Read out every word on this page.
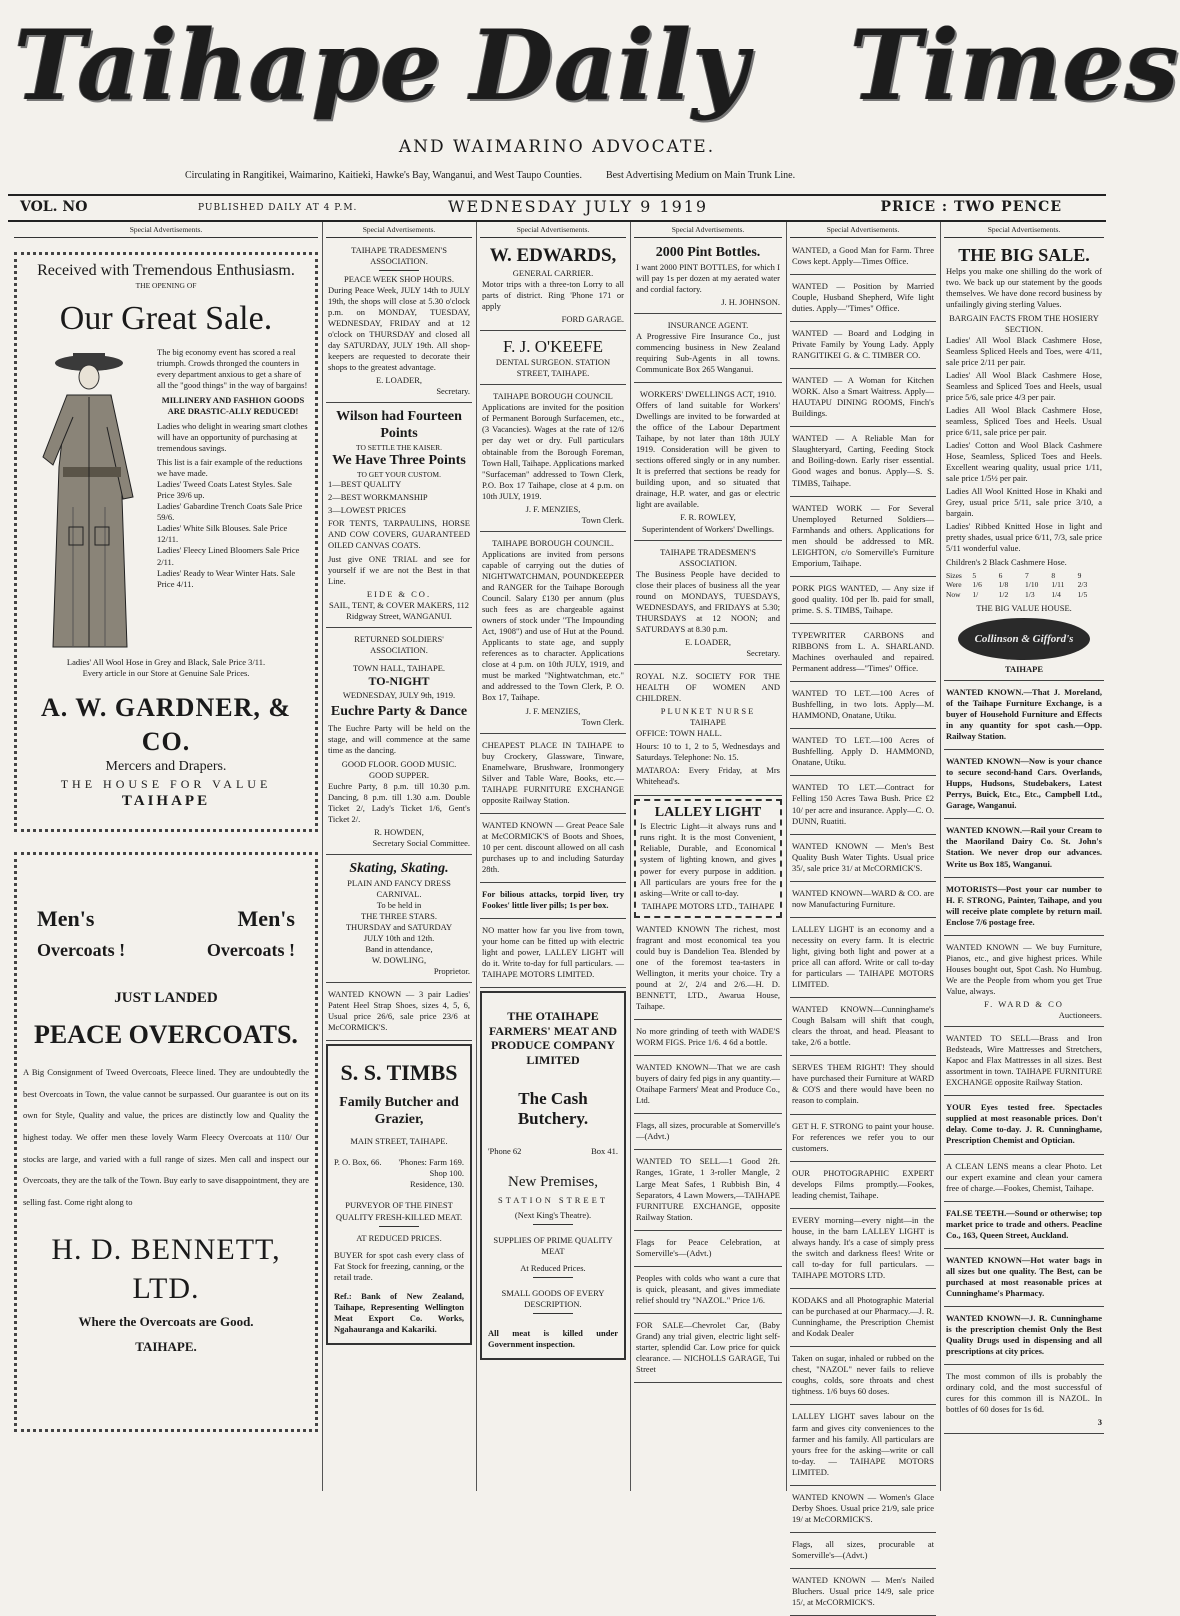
Taihape Daily Times
AND WAIMARINO ADVOCATE.
Circulating in Rangitikei, Waimarino, Kaitieki, Hawke's Bay, Wanganui, and West Taupo Counties. Best Advertising Medium on Main Trunk Line.
VOL. NO	PUBLISHED DAILY AT 4 P.M.	WEDNESDAY JULY 9 1919	PRICE : TWO PENCE
Special Advertisements.
Received with Tremendous Enthusiasm.
THE OPENING OF
Our Great Sale.

The big economy event has scored a real triumph. Crowds thronged the counters in every department anxious to get a share of all the "good things" in the way of bargains!

MILLINERY AND FASHION GOODS ARE DRASTIC-ALLY REDUCED!

Ladies who delight in wearing smart clothes will have an opportunity of purchasing at tremendous savings.

This list is a fair example of the reductions we have made.

Ladies' Tweed Coats Latest Styles. Sale Price 39/6 up.

Ladies' Gabardine Trench Coats Sale Price 59/6.

Ladies' White Silk Blouses. Sale Price 12/11.

Ladies' Fleecy Lined Bloomers Sale Price 2/11.

Ladies' Ready to Wear Winter Hats. Sale Price 4/11.

Ladies' All Wool Hose in Grey and Black, Sale Price 3/11.

Every article in our Store at Genuine Sale Prices.

A. W. GARDNER, & CO.
Mercers and Drapers.
THE HOUSE FOR VALUE
TAIHAPE
Men's	Men's
Overcoats !	Overcoats !
JUST LANDED
PEACE OVERCOATS.

A Big Consignment of Tweed Overcoats, Fleece lined. They are undoubtedly the best Overcoats in Town, the value cannot be surpassed. Our guarantee is out on its own for Style, Quality and value, the prices are distinctly low and Quality the highest today. We offer men these lovely Warm Fleecy Overcoats at 110/ Our stocks are large, and varied with a full range of sizes. Men call and inspect our Overcoats, they are the talk of the Town. Buy early to save disappointment, they are selling fast. Come right along to

H. D. BENNETT, LTD.
Where the Overcoats are Good.
TAIHAPE.
Special Advertisements.
TAIHAPE TRADESMEN'S ASSOCIATION.
PEACE WEEK SHOP HOURS.

During Peace Week, JULY 14th to JULY 19th, the shops will close at 5.30 o'clock p.m. on MONDAY, TUESDAY, WEDNESDAY, FRIDAY and at 12 o'clock on THURSDAY and closed all day SATURDAY, JULY 19th. All shop-keepers are requested to decorate their shops to the greatest advantage.

E. LOADER,
Secretary.
Wilson had Fourteen Points
TO SETTLE THE KAISER.
We Have Three Points
TO GET YOUR CUSTOM.

1—BEST QUALITY

2—BEST WORKMANSHIP

3—LOWEST PRICES

FOR TENTS, TARPAULINS, HORSE AND COW COVERS, GUARANTEED OILED CANVAS COATS.

Just give ONE TRIAL and see for yourself if we are not the Best in that Line.

EIDE & CO.
SAIL, TENT, & COVER MAKERS, 112 Ridgway Street, WANGANUI.
RETURNED SOLDIERS' ASSOCIATION.
TOWN HALL, TAIHAPE.
TO-NIGHT
WEDNESDAY, JULY 9th, 1919.
Euchre Party & Dance

The Euchre Party will be held on the stage, and will commence at the same time as the dancing.

GOOD FLOOR. GOOD MUSIC.
GOOD SUPPER.

Euchre Party, 8 p.m. till 10.30 p.m. Dancing, 8 p.m. till 1.30 a.m. Double Ticket 2/, Lady's Ticket 1/6, Gent's Ticket 2/.

R. HOWDEN,
Secretary Social Committee.
Skating, Skating.
PLAIN AND FANCY DRESS CARNIVAL.
To be held in
THE THREE STARS.
THURSDAY and SATURDAY
JULY 10th and 12th.
Band in attendance,
W. DOWLING,
Proprietor.

WANTED KNOWN — 3 pair Ladies' Patent Heel Strap Shoes, sizes 4, 5, 6, Usual price 26/6, sale price 23/6 at McCORMICK'S.

S. S. TIMBS
Family Butcher and Grazier,
MAIN STREET, TAIHAPE.
P. O. Box, 66.	'Phones: Farm 169. Shop 100. Residence, 130.
PURVEYOR OF THE FINEST QUALITY FRESH-KILLED MEAT.
AT REDUCED PRICES.

BUYER for spot cash every class of Fat Stock for freezing, canning, or the retail trade.

Ref.: Bank of New Zealand, Taihape, Representing Wellington Meat Export Co. Works, Ngahauranga and Kakariki.

Special Advertisements.
W. EDWARDS,
GENERAL CARRIER.

Motor trips with a three-ton Lorry to all parts of district. Ring 'Phone 171 or apply

FORD GARAGE.
F. J. O'KEEFE
DENTAL SURGEON. STATION STREET, TAIHAPE.
TAIHAPE BOROUGH COUNCIL

Applications are invited for the position of Permanent Borough Surfacemen, etc., (3 Vacancies). Wages at the rate of 12/6 per day wet or dry. Full particulars obtainable from the Borough Foreman, Town Hall, Taihape. Applications marked "Surfaceman" addressed to Town Clerk, P.O. Box 17 Taihape, close at 4 p.m. on 10th JULY, 1919.

J. F. MENZIES,
Town Clerk.
TAIHAPE BOROUGH COUNCIL.

Applications are invited from persons capable of carrying out the duties of NIGHTWATCHMAN, POUNDKEEPER and RANGER for the Taihape Borough Council. Salary £130 per annum (plus such fees as are chargeable against owners of stock under "The Impounding Act, 1908") and use of Hut at the Pound. Applicants to state age, and supply references as to character. Applications close at 4 p.m. on 10th JULY, 1919, and must be marked "Nightwatchman, etc." and addressed to the Town Clerk, P. O. Box 17, Taihape.

J. F. MENZIES,
Town Clerk.

CHEAPEST PLACE IN TAIHAPE to buy Crockery, Glassware, Tinware, Enamelware, Brushware, Ironmongery Silver and Table Ware, Books, etc.—TAIHAPE FURNITURE EXCHANGE opposite Railway Station.

WANTED KNOWN — Great Peace Sale at McCORMICK'S of Boots and Shoes, 10 per cent. discount allowed on all cash purchases up to and including Saturday 28th.

For bilious attacks, torpid liver, try Fookes' little liver pills; 1s per box.

NO matter how far you live from town, your home can be fitted up with electric light and power, LALLEY LIGHT will do it. Write to-day for full particulars. — TAIHAPE MOTORS LIMITED.

THE OTAIHAPE FARMERS' MEAT AND PRODUCE COMPANY LIMITED
The Cash Butchery.
'Phone 62	Box 41.
New Premises,
STATION STREET
(Next King's Theatre).
SUPPLIES OF PRIME QUALITY MEAT
At Reduced Prices.
SMALL GOODS OF EVERY DESCRIPTION.

All meat is killed under Government inspection.

Special Advertisements.
2000 Pint Bottles.

I want 2000 PINT BOTTLES, for which I will pay 1s per dozen at my aerated water and cordial factory.

J. H. JOHNSON.
INSURANCE AGENT.

A Progressive Fire Insurance Co., just commencing business in New Zealand requiring Sub-Agents in all towns. Communicate Box 265 Wanganui.

WORKERS' DWELLINGS ACT, 1910.

Offers of land suitable for Workers' Dwellings are invited to be forwarded at the office of the Labour Department Taihape, by not later than 18th JULY 1919. Consideration will be given to sections offered singly or in any number. It is preferred that sections be ready for building upon, and so situated that drainage, H.P. water, and gas or electric light are available.

F. R. ROWLEY,
Superintendent of Workers' Dwellings.
TAIHAPE TRADESMEN'S ASSOCIATION.

The Business People have decided to close their places of business all the year round on MONDAYS, TUESDAYS, WEDNESDAYS, and FRIDAYS at 5.30; THURSDAYS at 12 NOON; and SATURDAYS at 8.30 p.m.

E. LOADER,
Secretary.

ROYAL N.Z. SOCIETY FOR THE HEALTH OF WOMEN AND CHILDREN.

PLUNKET NURSE
TAIHAPE

OFFICE: TOWN HALL.

Hours: 10 to 1, 2 to 5, Wednesdays and Saturdays. Telephone: No. 15.

MATAROA: Every Friday, at Mrs Whitehead's.

LALLEY LIGHT

Is Electric Light—it always runs and runs right. It is the most Convenient, Reliable, Durable, and Economical system of lighting known, and gives power for every purpose in addition. All particulars are yours free for the asking—Write or call to-day.

TAIHAPE MOTORS LTD., TAIHAPE

WANTED KNOWN The richest, most fragrant and most economical tea you could buy is Dandelion Tea. Blended by one of the foremost tea-tasters in Wellington, it merits your choice. Try a pound at 2/, 2/4 and 2/6.—H. D. BENNETT, LTD., Awarua House, Taihape.

No more grinding of teeth with WADE'S WORM FIGS. Price 1/6. 4 6d a bottle.

WANTED KNOWN—That we are cash buyers of dairy fed pigs in any quantity.—Otaihape Farmers' Meat and Produce Co., Ltd.

Flags, all sizes, procurable at Somerville's—(Advt.)

WANTED TO SELL—1 Good 2ft. Ranges, 1Grate, 1 3-roller Mangle, 2 Large Meat Safes, 1 Rubbish Bin, 4 Separators, 4 Lawn Mowers,—TAIHAPE FURNITURE EXCHANGE, opposite Railway Station.

Flags for Peace Celebration, at Somerville's—(Advt.)

Peoples with colds who want a cure that is quick, pleasant, and gives immediate relief should try "NAZOL." Price 1/6.

FOR SALE—Chevrolet Car, (Baby Grand) any trial given, electric light self-starter, splendid Car. Low price for quick clearance. — NICHOLLS GARAGE, Tui Street

Special Advertisements.

WANTED, a Good Man for Farm. Three Cows kept. Apply—Times Office.

WANTED — Position by Married Couple, Husband Shepherd, Wife light duties. Apply—"Times" Office.

WANTED — Board and Lodging in Private Family by Young Lady. Apply RANGITIKEI G. & C. TIMBER CO.

WANTED — A Woman for Kitchen WORK. Also a Smart Waitress. Apply—HAUTAPU DINING ROOMS, Finch's Buildings.

WANTED — A Reliable Man for Slaughteryard, Carting, Feeding Stock and Boiling-down. Early riser essential. Good wages and bonus. Apply—S. S. TIMBS, Taihape.

WANTED WORK — For Several Unemployed Returned Soldiers—Farmhands and others. Applications for men should be addressed to MR. LEIGHTON, c/o Somerville's Furniture Emporium, Taihape.

PORK PIGS WANTED, — Any size if good quality. 10d per lb. paid for small, prime. S. S. TIMBS, Taihape.

TYPEWRITER CARBONS and RIBBONS from L. A. SHARLAND. Machines overhauled and repaired. Permanent address—"Times" Office.

WANTED TO LET.—100 Acres of Bushfelling, in two lots. Apply—M. HAMMOND, Onatane, Utiku.

WANTED TO LET.—100 Acres of Bushfelling. Apply D. HAMMOND, Onatane, Utiku.

WANTED TO LET.—Contract for Felling 150 Acres Tawa Bush. Price £2 10/ per acre and insurance. Apply—C. O. DUNN, Ruatiti.

WANTED KNOWN — Men's Best Quality Bush Water Tights. Usual price 35/, sale price 31/ at McCORMICK'S.

WANTED KNOWN—WARD & CO. are now Manufacturing Furniture.

LALLEY LIGHT is an economy and a necessity on every farm. It is electric light, giving both light and power at a price all can afford. Write or call to-day for particulars — TAIHAPE MOTORS LIMITED.

WANTED KNOWN—Cunninghame's Cough Balsam will shift that cough, clears the throat, and head. Pleasant to take, 2/6 a bottle.

SERVES THEM RIGHT! They should have purchased their Furniture at WARD & CO'S and there would have been no reason to complain.

GET H. F. STRONG to paint your house. For references we refer you to our customers.

OUR PHOTOGRAPHIC EXPERT develops Films promptly.—Fookes, leading chemist, Taihape.

EVERY morning—every night—in the house, in the barn LALLEY LIGHT is always handy. It's a case of simply press the switch and darkness flees! Write or call to-day for full particulars. — TAIHAPE MOTORS LTD.

KODAKS and all Photographic Material can be purchased at our Pharmacy.—J. R. Cunninghame, the Prescription Chemist and Kodak Dealer

Taken on sugar, inhaled or rubbed on the chest, "NAZOL" never fails to relieve coughs, colds, sore throats and chest tightness. 1/6 buys 60 doses.

LALLEY LIGHT saves labour on the farm and gives city conveniences to the farmer and his family. All particulars are yours free for the asking—write or call to-day. — TAIHAPE MOTORS LIMITED.

WANTED KNOWN — Women's Glace Derby Shoes. Usual price 21/9, sale price 19/ at McCORMICK'S.

Flags, all sizes, procurable at Somerville's—(Advt.)

WANTED KNOWN — Men's Nailed Bluchers. Usual price 14/9, sale price 15/, at McCORMICK'S.

Special Advertisements.
THE BIG SALE.

Helps you make one shilling do the work of two. We back up our statement by the goods themselves. We have done record business by unfailingly giving sterling Values.

BARGAIN FACTS FROM THE HOSIERY SECTION.

Ladies' All Wool Black Cashmere Hose, Seamless Spliced Heels and Toes, were 4/11, sale price 2/11 per pair.

Ladies' All Wool Black Cashmere Hose, Seamless and Spliced Toes and Heels, usual price 5/6, sale price 4/3 per pair.

Ladies All Wool Black Cashmere Hose, seamless, Spliced Toes and Heels. Usual price 6/11, sale price per pair.

Ladies' Cotton and Wool Black Cashmere Hose, Seamless, Spliced Toes and Heels. Excellent wearing quality, usual price 1/11, sale price 1/5½ per pair.

Ladies All Wool Knitted Hose in Khaki and Grey, usual price 5/11, sale price 3/10, a bargain.

Ladies' Ribbed Knitted Hose in light and pretty shades, usual price 6/11, 7/3, sale price 5/11 wonderful value.

Children's 2 Black Cashmere Hose.

Sizes	5	6	7	8	9
Were	1/6	1/8	1/10	1/11	2/3
Now	1/	1/2	1/3	1/4	1/5
THE BIG VALUE HOUSE.
Collinson & Gifford's
TAIHAPE

WANTED KNOWN.—That J. Moreland, of the Taihape Furniture Exchange, is a buyer of Household Furniture and Effects in any quantity for spot cash.—Opp. Railway Station.

WANTED KNOWN—Now is your chance to secure second-hand Cars. Overlands, Hupps, Hudsons, Studebakers, Latest Perrys, Buick, Etc., Etc., Campbell Ltd., Garage, Wanganui.

WANTED KNOWN.—Rail your Cream to the Maoriland Dairy Co. St. John's Station. We never drop our advances. Write us Box 185, Wanganui.

MOTORISTS—Post your car number to H. F. STRONG, Painter, Taihape, and you will receive plate complete by return mail. Enclose 7/6 postage free.

WANTED KNOWN — We buy Furniture, Pianos, etc., and give highest prices. While Houses bought out, Spot Cash. No Humbug. We are the People from whom you get True Value, always.

F. WARD & CO
Auctioneers.

WANTED TO SELL—Brass and Iron Bedsteads, Wire Mattresses and Stretchers, Kapoc and Flax Mattresses in all sizes. Best assortment in town. TAIHAPE FURNITURE EXCHANGE opposite Railway Station.

YOUR Eyes tested free. Spectacles supplied at most reasonable prices. Don't delay. Come to-day. J. R. Cunninghame, Prescription Chemist and Optician.

A CLEAN LENS means a clear Photo. Let our expert examine and clean your camera free of charge.—Fookes, Chemist, Taihape.

FALSE TEETH.—Sound or otherwise; top market price to trade and others. Peacline Co., 163, Queen Street, Auckland.

WANTED KNOWN—Hot water bags in all sizes but one quality. The Best, can be purchased at most reasonable prices at Cunninghame's Pharmacy.

WANTED KNOWN—J. R. Cunninghame is the prescription chemist Only the Best Quality Drugs used in dispensing and all prescriptions at city prices.

The most common of ills is probably the ordinary cold, and the most successful of cures for this common ill is NAZOL. In bottles of 60 doses for 1s 6d.

3
